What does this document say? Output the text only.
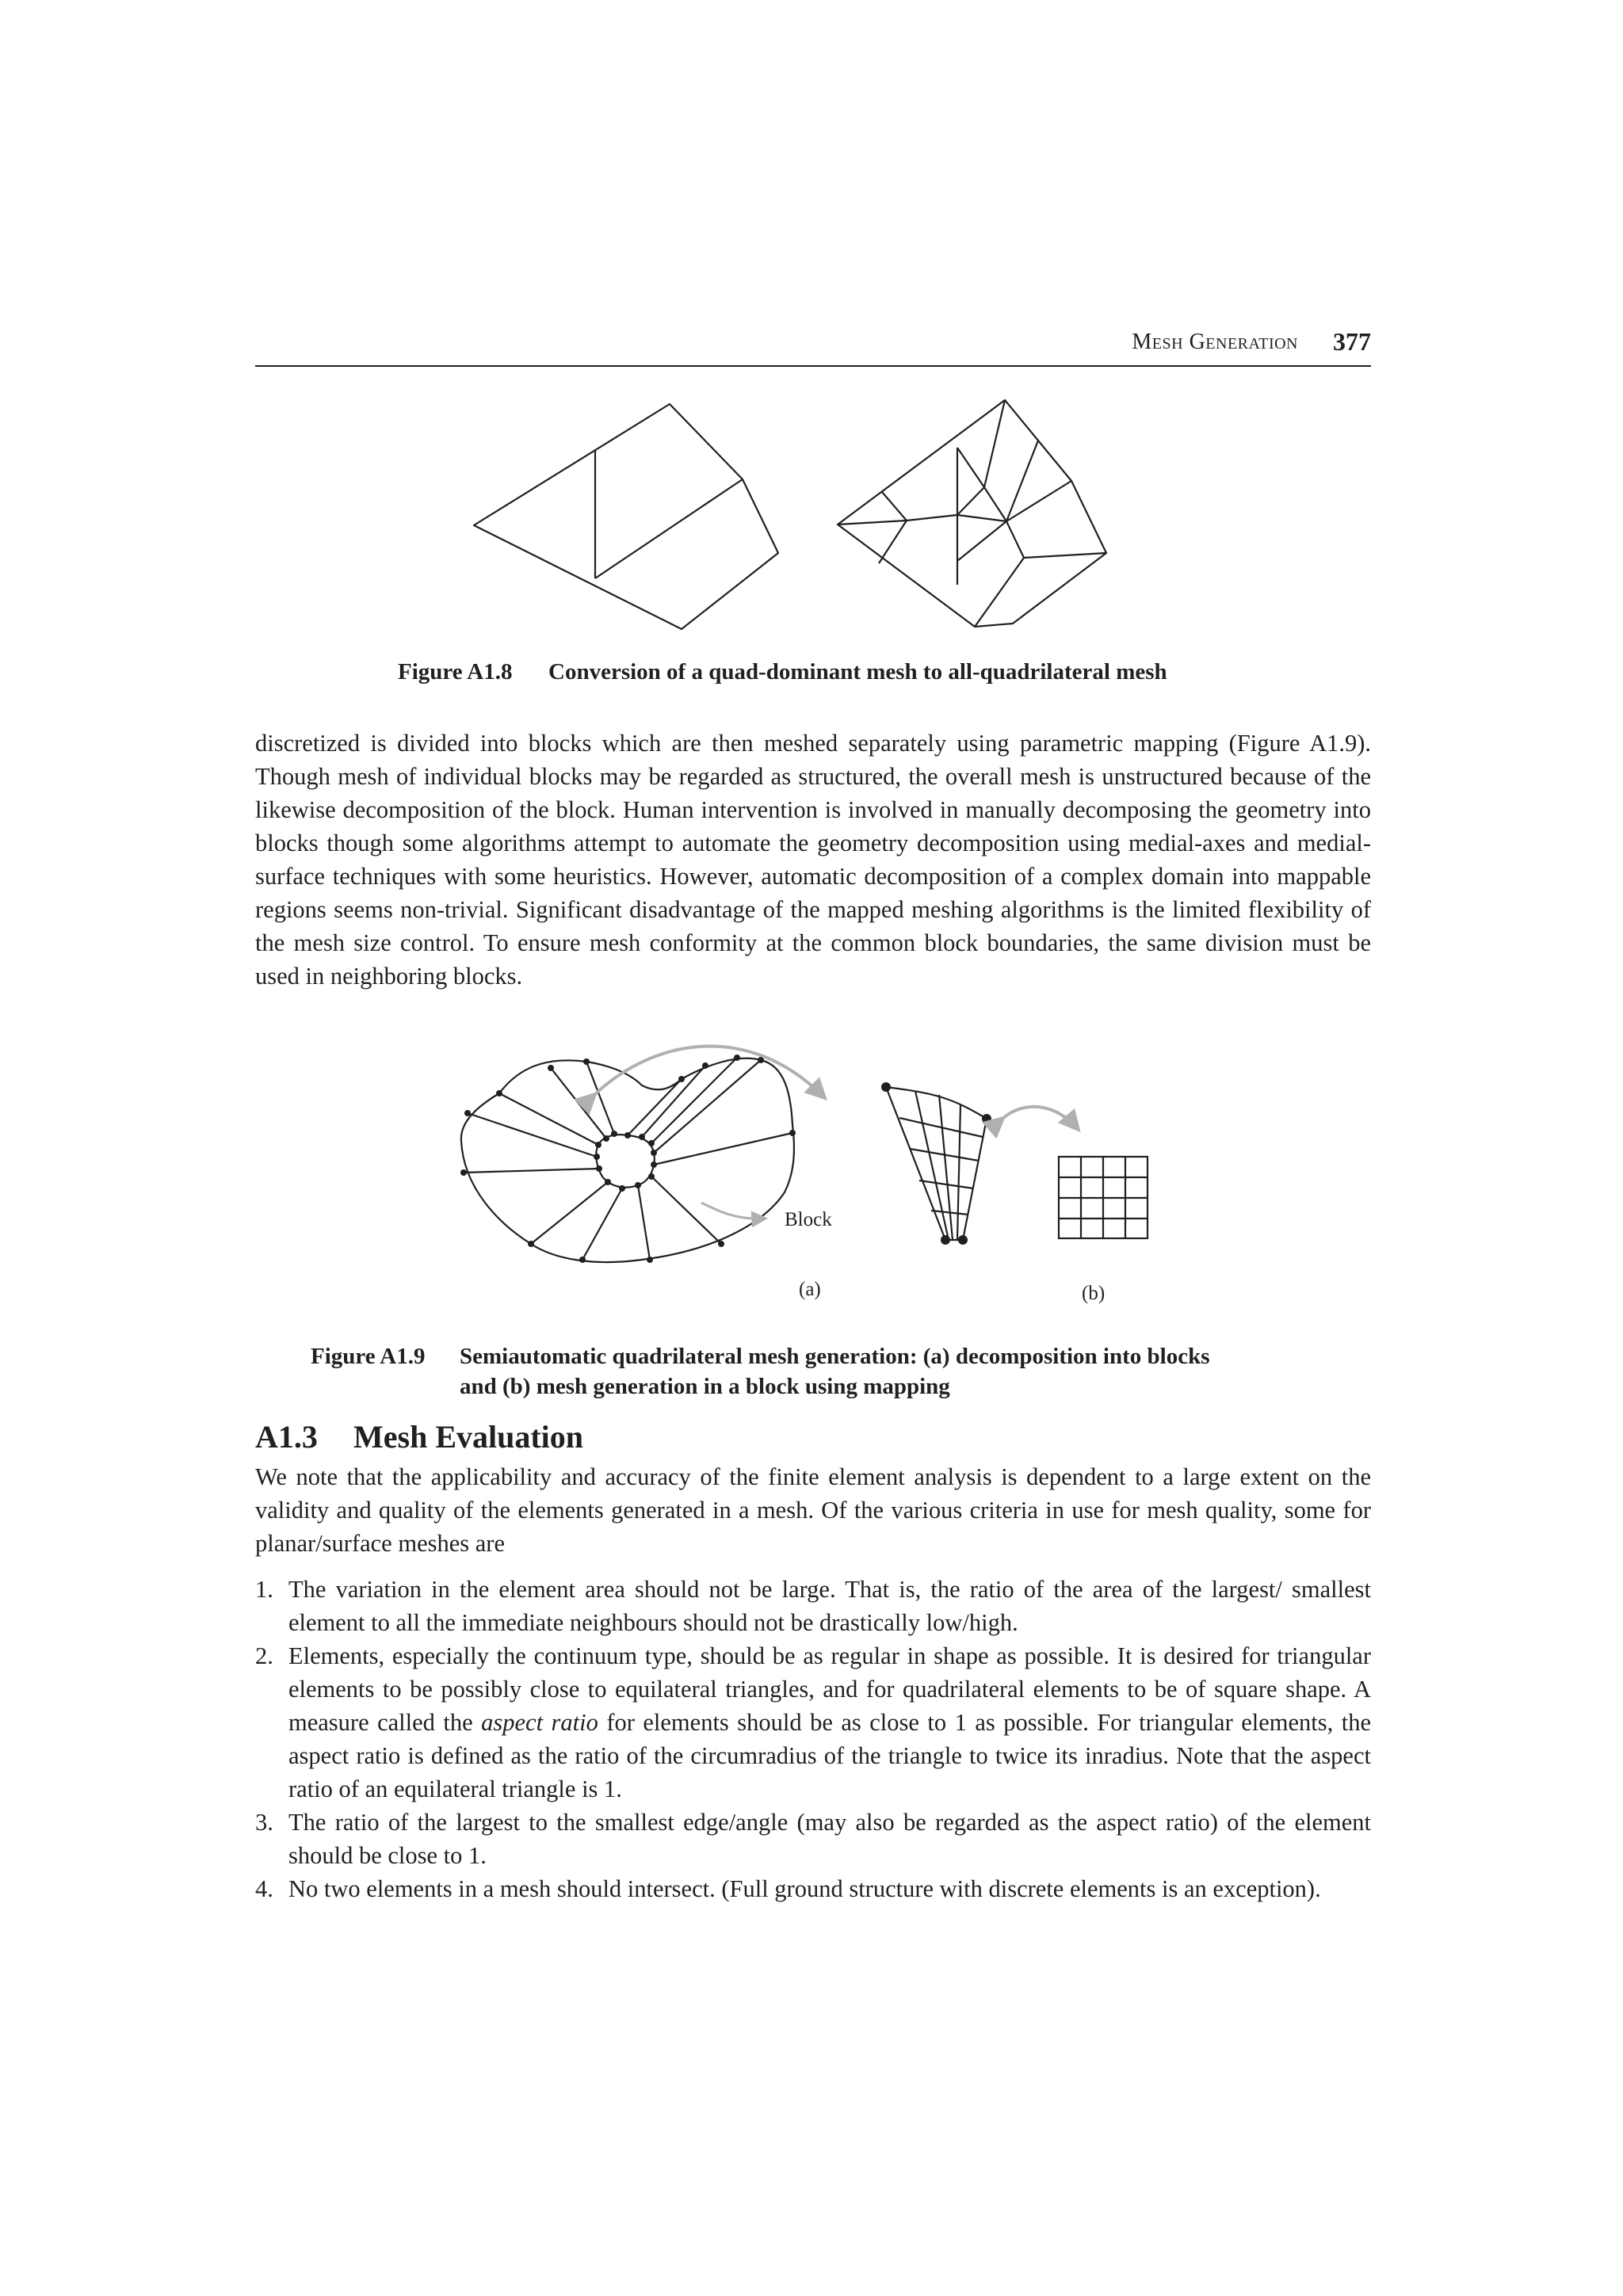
Mesh Generation 377
Figure A1.8 Conversion of a quad-dominant mesh to all-quadrilateral mesh

discretized is divided into blocks which are then meshed separately using parametric mapping (Figure A1.9). Though mesh of individual blocks may be regarded as structured, the overall mesh is unstructured because of the likewise decomposition of the block. Human intervention is involved in manually decomposing the geometry into blocks though some algorithms attempt to automate the geometry decomposition using medial-axes and medial-surface techniques with some heuristics. However, automatic decomposition of a complex domain into mappable regions seems non-trivial. Significant disadvantage of the mapped meshing algorithms is the limited flexibility of the mesh size control. To ensure mesh conformity at the common block boundaries, the same division must be used in neighboring blocks.

Block
(a)	(b)
Figure A1.9	Semiautomatic quadrilateral mesh generation: (a) decomposition into blocks
and (b) mesh generation in a block using mapping
A1.3 Mesh Evaluation

We note that the applicability and accuracy of the finite element analysis is dependent to a large extent on the validity and quality of the elements generated in a mesh. Of the various criteria in use for mesh quality, some for planar/surface meshes are

1. The variation in the element area should not be large. That is, the ratio of the area of the largest/ smallest element to all the immediate neighbours should not be drastically low/high.
2. Elements, especially the continuum type, should be as regular in shape as possible. It is desired for triangular elements to be possibly close to equilateral triangles, and for quadrilateral elements to be of square shape. A measure called the aspect ratio for elements should be as close to 1 as possible. For triangular elements, the aspect ratio is defined as the ratio of the circumradius of the triangle to twice its inradius. Note that the aspect ratio of an equilateral triangle is 1.
3. The ratio of the largest to the smallest edge/angle (may also be regarded as the aspect ratio) of the element should be close to 1.
4. No two elements in a mesh should intersect. (Full ground structure with discrete elements is an exception).
